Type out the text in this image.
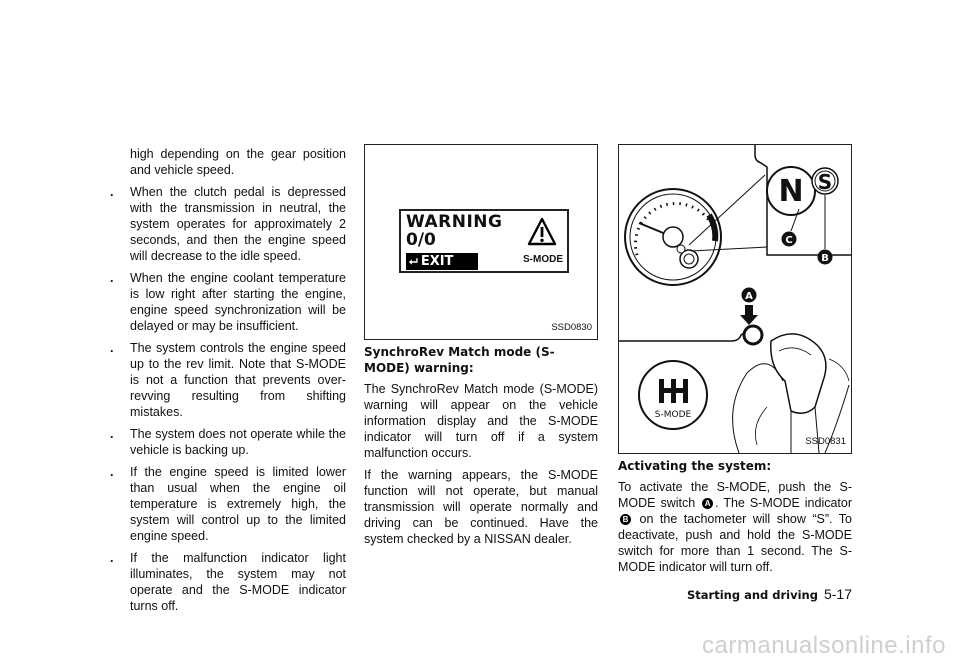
high depending on the gear position and vehicle speed.

. When the clutch pedal is depressed with the transmission in neutral, the system operates for approximately 2 seconds, and then the engine speed will decrease to the idle speed.
. When the engine coolant temperature is low right after starting the engine, engine speed synchronization will be delayed or may be insufficient.
. The system controls the engine speed up to the rev limit. Note that S-MODE is not a function that prevents over-revving resulting from shifting mistakes.
. The system does not operate while the vehicle is backing up.
. If the engine speed is limited lower than usual when the engine oil temperature is extremely high, the system will control up to the limited engine speed.
. If the malfunction indicator light illuminates, the system may not operate and the S-MODE indicator turns off.
WARNING
0/0
⮠ EXIT	S-MODE
SSD0830
SynchroRev Match mode (S-MODE) warning:

The SynchroRev Match mode (S-MODE) warning will appear on the vehicle information display and the S-MODE indicator will turn off if a system malfunction occurs.

If the warning appears, the S-MODE function will not operate, but manual transmission will operate normally and driving can be continued. Have the system checked by a NISSAN dealer.

N S
C
B
A
S-MODE
SSD0831
Activating the system:

To activate the S-MODE, push the S-MODE switch A . The S-MODE indicator B on the tachometer will show “S”. To deactivate, push and hold the S-MODE switch for more than 1 second. The S-MODE indicator will turn off.

Starting and driving 5-17
carmanualsonline.info
